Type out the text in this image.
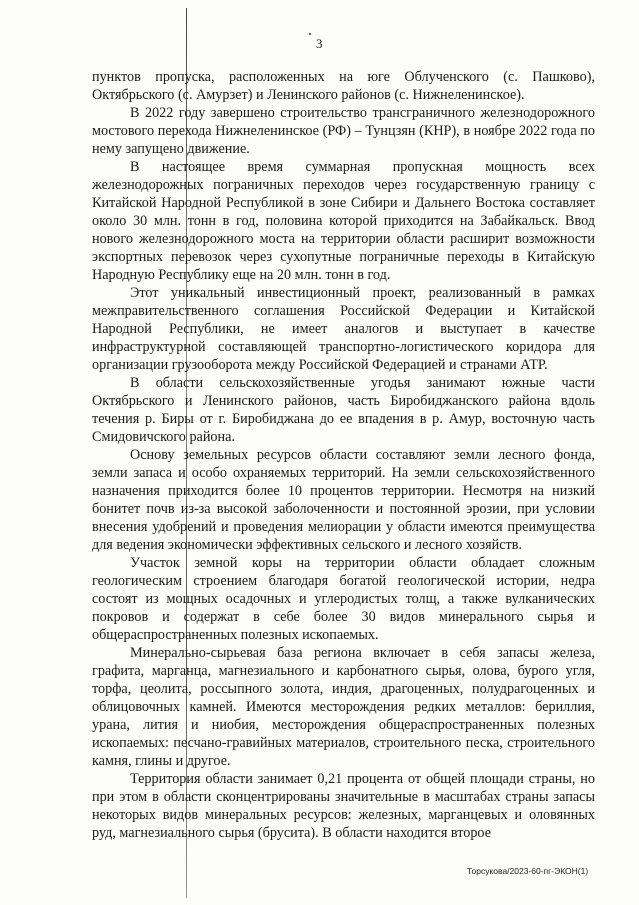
3

пунктов пропуска, расположенных на юге Облученского (с. Пашково), Октябрьского (с. Амурзет) и Ленинского районов (с. Нижнеленинское).

В 2022 году завершено строительство трансграничного железнодорожного мостового перехода Нижнеленинское (РФ) – Тунцзян (КНР), в ноябре 2022 года по нему запущено движение.

В настоящее время суммарная пропускная мощность всех железнодорожных пограничных переходов через государственную границу с Китайской Народной Республикой в зоне Сибири и Дальнего Востока составляет около 30 млн. тонн в год, половина которой приходится на Забайкальск. Ввод нового железнодорожного моста на территории области расширит возможности экспортных перевозок через сухопутные пограничные переходы в Китайскую Народную Республику еще на 20 млн. тонн в год.

Этот уникальный инвестиционный проект, реализованный в рамках межправительственного соглашения Российской Федерации и Китайской Народной Республики, не имеет аналогов и выступает в качестве инфраструктурной составляющей транспортно-логистического коридора для организации грузооборота между Российской Федерацией и странами АТР.

В области сельскохозяйственные угодья занимают южные части Октябрьского и Ленинского районов, часть Биробиджанского района вдоль течения р. Биры от г. Биробиджана до ее впадения в р. Амур, восточную часть Смидовичского района.

Основу земельных ресурсов области составляют земли лесного фонда, земли запаса и особо охраняемых территорий. На земли сельскохозяйственного назначения приходится более 10 процентов территории. Несмотря на низкий бонитет почв из-за высокой заболоченности и постоянной эрозии, при условии внесения удобрений и проведения мелиорации у области имеются преимущества для ведения экономически эффективных сельского и лесного хозяйств.

Участок земной коры на территории области обладает сложным геологическим строением благодаря богатой геологической истории, недра состоят из мощных осадочных и углеродистых толщ, а также вулканических покровов и содержат в себе более 30 видов минерального сырья и общераспространенных полезных ископаемых.

Минерально-сырьевая база региона включает в себя запасы железа, графита, марганца, магнезиального и карбонатного сырья, олова, бурого угля, торфа, цеолита, россыпного золота, индия, драгоценных, полудрагоценных и облицовочных камней. Имеются месторождения редких металлов: бериллия, урана, лития и ниобия, месторождения общераспространенных полезных ископаемых: песчано-гравийных материалов, строительного песка, строительного камня, глины и другое.

Территория области занимает 0,21 процента от общей площади страны, но при этом в области сконцентрированы значительные в масштабах страны запасы некоторых видов минеральных ресурсов: железных, марганцевых и оловянных руд, магнезиального сырья (брусита). В области находится второе

Торсукова/2023-60-пг-ЭКОН(1)
